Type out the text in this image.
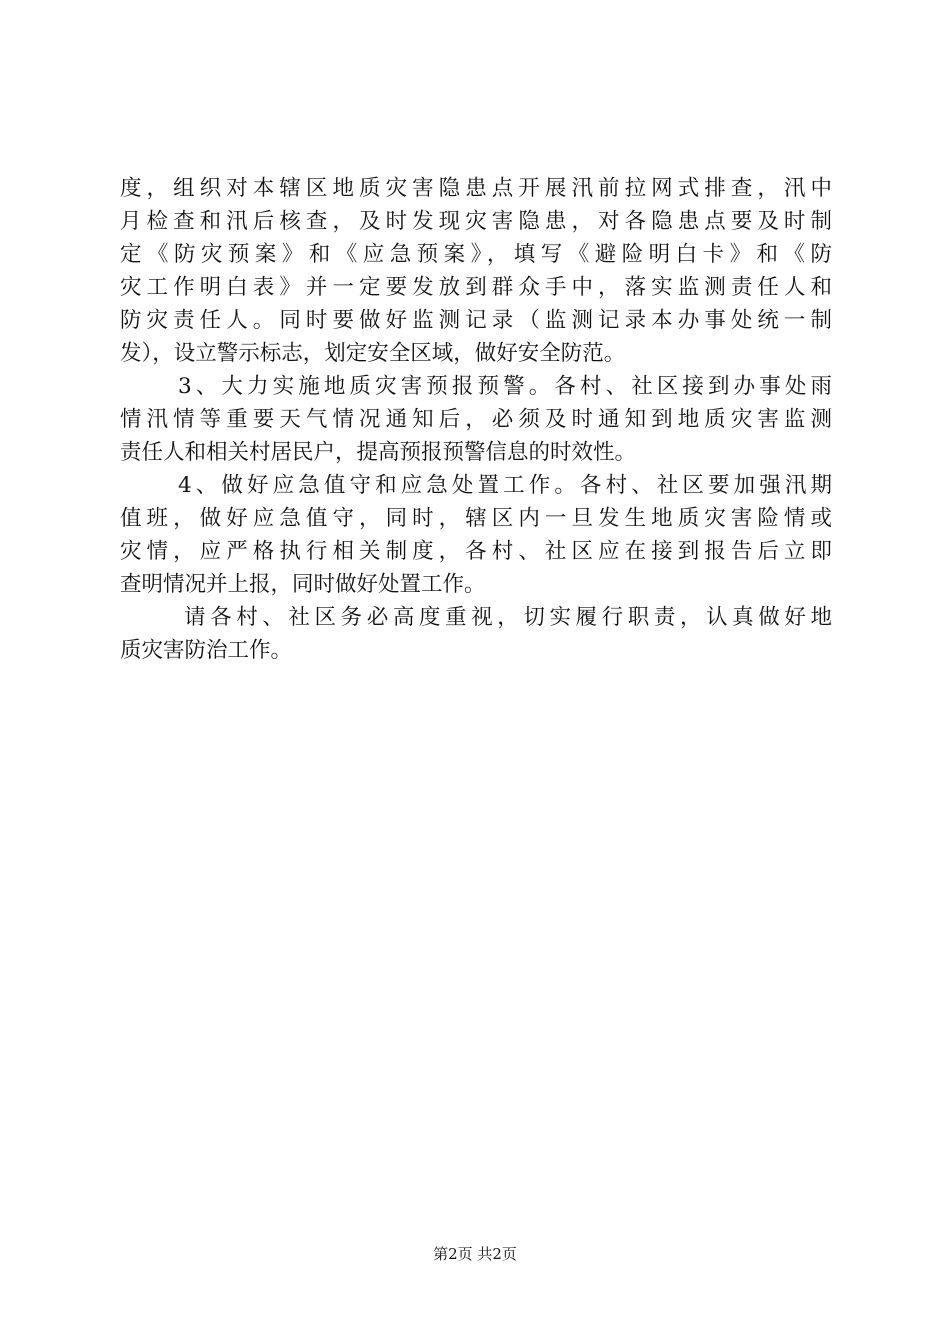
度，组织对本辖区地质灾害隐患点开展汛前拉网式排查，汛中
月检查和汛后核查，及时发现灾害隐患，对各隐患点要及时制
定《防灾预案》和《应急预案》，填写《避险明白卡》和《防
灾工作明白表》并一定要发放到群众手中，落实监测责任人和
防灾责任人。同时要做好监测记录（监测记录本办事处统一制
发），设立警示标志，划定安全区域，做好安全防范。
3、大力实施地质灾害预报预警。各村、社区接到办事处雨
情汛情等重要天气情况通知后，必须及时通知到地质灾害监测
责任人和相关村居民户，提高预报预警信息的时效性。
4、做好应急值守和应急处置工作。各村、社区要加强汛期
值班，做好应急值守，同时，辖区内一旦发生地质灾害险情或
灾情，应严格执行相关制度，各村、社区应在接到报告后立即
查明情况并上报，同时做好处置工作。
请各村、社区务必高度重视，切实履行职责，认真做好地
质灾害防治工作。
第2页 共2页
